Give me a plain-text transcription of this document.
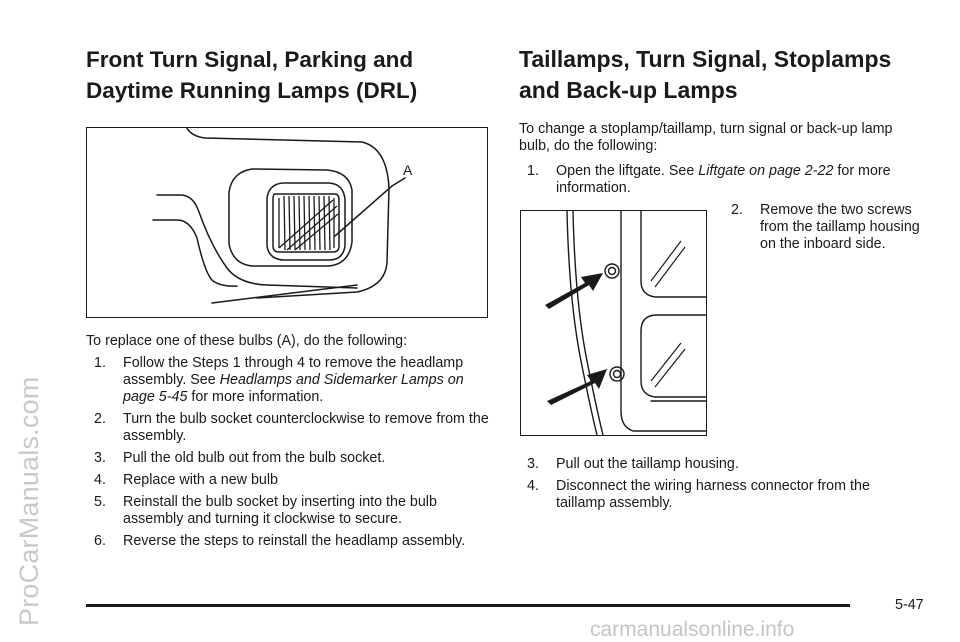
ProCarManuals.com
Front Turn Signal, Parking and
Daytime Running Lamps (DRL)
A

To replace one of these bulbs (A), do the following:

1. Follow the Steps 1 through 4 to remove the headlamp assembly. See Headlamps and Sidemarker Lamps on page 5-45 for more information.
2. Turn the bulb socket counterclockwise to remove from the assembly.
3. Pull the old bulb out from the bulb socket.
4. Replace with a new bulb
5. Reinstall the bulb socket by inserting into the bulb assembly and turning it clockwise to secure.
6. Reverse the steps to reinstall the headlamp assembly.
Taillamps, Turn Signal, Stoplamps
and Back-up Lamps

To change a stoplamp/taillamp, turn signal or back-up lamp bulb, do the following:

1. Open the liftgate. See Liftgate on page 2-22 for more information.
2.	Remove the two screws from the taillamp housing on the inboard side.
3. Pull out the taillamp housing.
4. Disconnect the wiring harness connector from the taillamp assembly.
5-47
carmanualsonline.info
